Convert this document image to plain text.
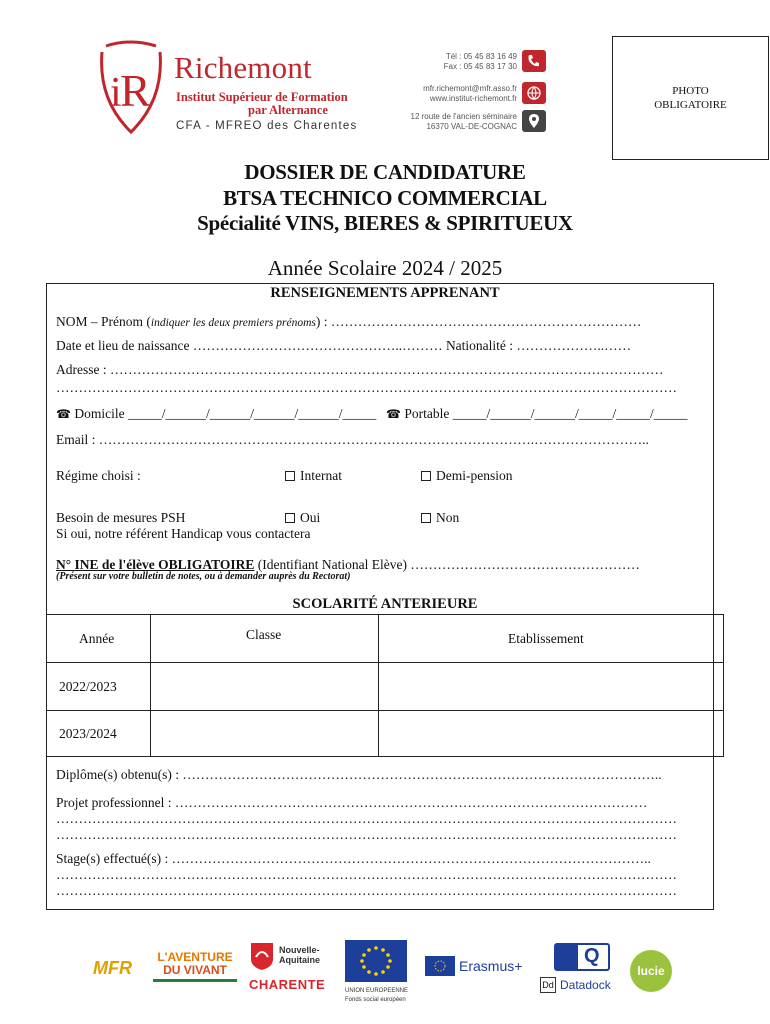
i
R Richemont
Institut Supérieur de Formation
par Alternance
CFA - MFREO des Charentes
Tél : 05 45 83 16 49
Fax : 05 45 83 17 30
mfr.richemont@mfr.asso.fr
www.institut-richemont.fr
12 route de l'ancien séminaire
16370 VAL-DE-COGNAC
PHOTO
OBLIGATOIRE
DOSSIER DE CANDIDATURE
BTSA TECHNICO COMMERCIAL
Spécialité VINS, BIERES & SPIRITUEUX
Année Scolaire 2024 / 2025
RENSEIGNEMENTS APPRENANT
NOM – Prénom (indiquer les deux premiers prénoms) : ……………………………………………………………
Date et lieu de naissance ………………………………………..……… Nationalité : ………………..……
Adresse : ……………………………………………………………………………………………………………
…………………………………………………………………………………………………………………………
☎ Domicile _____/______/______/______/______/_____ ☎ Portable _____/______/______/_____/_____/_____
Email : …………………………………………………………………………………….……………………..
Régime choisi :	Internat	Demi-pension
Besoin de mesures PSH	Oui	Non
Si oui, notre référent Handicap vous contactera
N° INE de l'élève OBLIGATOIRE (Identifiant National Elève) ……………………………………………
(Présent sur votre bulletin de notes, ou à demander auprès du Rectorat)
SCOLARITÉ ANTERIEURE
Année	Classe	Etablissement
2022/2023		
2023/2024		
Diplôme(s) obtenu(s) : ……………………………………………………………………………………………..
Projet professionnel : ……………………………………………………………………………………………
…………………………………………………………………………………………………………………………
…………………………………………………………………………………………………………………………
Stage(s) effectué(s) : ……………………………………………………………………………………………..
…………………………………………………………………………………………………………………………
…………………………………………………………………………………………………………………………
MFR
L'AVENTURE
DU VIVANT
Nouvelle-
Aquitaine
CHARENTE	UNION EUROPEENNE
Fonds social européen
Erasmus+	Q
Dd Datadock
lucie
